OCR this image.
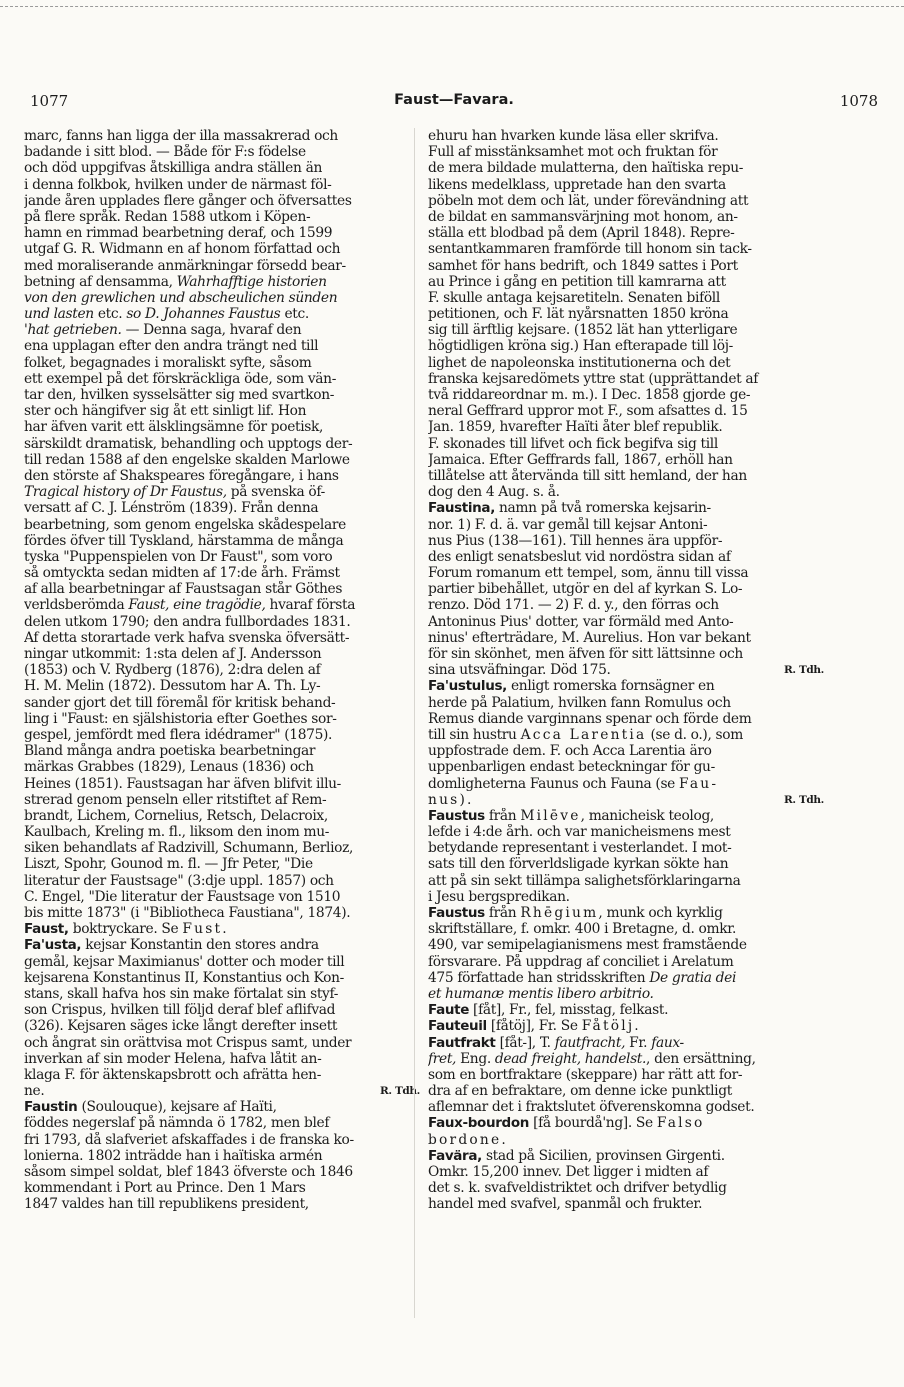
1077	Faust—Favara.	1078
marc, fanns han ligga der illa massakrerad och
badande i sitt blod. — Både för F:s födelse
och död uppgifvas åtskilliga andra ställen än
i denna folkbok, hvilken under de närmast föl-
jande åren upplades flere gånger och öfversattes
på flere språk. Redan 1588 utkom i Köpen-
hamn en rimmad bearbetning deraf, och 1599
utgaf G. R. Widmann en af honom författad och
med moraliserande anmärkningar försedd bear-
betning af densamma, Wahrhafftige historien
von den grewlichen und abscheulichen sünden
und lasten etc. so D. Johannes Faustus etc.
'hat getrieben. — Denna saga, hvaraf den
ena upplagan efter den andra trängt ned till
folket, begagnades i moraliskt syfte, såsom
ett exempel på det förskräckliga öde, som vän-
tar den, hvilken sysselsätter sig med svartkon-
ster och hängifver sig åt ett sinligt lif. Hon
har äfven varit ett älsklingsämne för poetisk,
särskildt dramatisk, behandling och upptogs der-
till redan 1588 af den engelske skalden Marlowe
den störste af Shakspeares föregångare, i hans
Tragical history of Dr Faustus, på svenska öf-
versatt af C. J. Lénström (1839). Från denna
bearbetning, som genom engelska skådespelare
fördes öfver till Tyskland, härstamma de många
tyska "Puppenspielen von Dr Faust", som voro
så omtyckta sedan midten af 17:de årh. Främst
af alla bearbetningar af Faustsagan står Göthes
verldsberömda Faust, eine tragödie, hvaraf första
delen utkom 1790; den andra fullbordades 1831.
Af detta storartade verk hafva svenska öfversätt-
ningar utkommit: 1:sta delen af J. Andersson
(1853) och V. Rydberg (1876), 2:dra delen af
H. M. Melin (1872). Dessutom har A. Th. Ly-
sander gjort det till föremål för kritisk behand-
ling i "Faust: en själshistoria efter Goethes sor-
gespel, jemfördt med flera idédramer" (1875).
Bland många andra poetiska bearbetningar
märkas Grabbes (1829), Lenaus (1836) och
Heines (1851). Faustsagan har äfven blifvit illu-
strerad genom penseln eller ritstiftet af Rem-
brandt, Lichem, Cornelius, Retsch, Delacroix,
Kaulbach, Kreling m. fl., liksom den inom mu-
siken behandlats af Radzivill, Schumann, Berlioz,
Liszt, Spohr, Gounod m. fl. — Jfr Peter, "Die
literatur der Faustsage" (3:dje uppl. 1857) och
C. Engel, "Die literatur der Faustsage von 1510
bis mitte 1873" (i "Bibliotheca Faustiana", 1874).
Faust, boktryckare. Se Fust.
Fa'usta, kejsar Konstantin den stores andra
gemål, kejsar Maximianus' dotter och moder till
kejsarena Konstantinus II, Konstantius och Kon-
stans, skall hafva hos sin make förtalat sin styf-
son Crispus, hvilken till följd deraf blef aflifvad
(326). Kejsaren säges icke långt derefter insett
och ångrat sin orättvisa mot Crispus samt, under
inverkan af sin moder Helena, hafva låtit an-
klaga F. för äktenskapsbrott och afrätta hen-
ne.	R. Tdh.
Faustin (Soulouque), kejsare af Haïti,
föddes negerslaf på nämnda ö 1782, men blef
fri 1793, då slafveriet afskaffades i de franska ko-
lonierna. 1802 inträdde han i haïtiska armén
såsom simpel soldat, blef 1843 öfverste och 1846
kommendant i Port au Prince. Den 1 Mars
1847 valdes han till republikens president,
ehuru han hvarken kunde läsa eller skrifva.
Full af misstänksamhet mot och fruktan för
de mera bildade mulatterna, den haïtiska repu-
likens medelklass, uppretade han den svarta
pöbeln mot dem och lät, under förevändning att
de bildat en sammansvärjning mot honom, an-
ställa ett blodbad på dem (April 1848). Repre-
sentantkammaren framförde till honom sin tack-
samhet för hans bedrift, och 1849 sattes i Port
au Prince i gång en petition till kamrarna att
F. skulle antaga kejsaretiteln. Senaten biföll
petitionen, och F. lät nyårsnatten 1850 kröna
sig till ärftlig kejsare. (1852 lät han ytterligare
högtidligen kröna sig.) Han efterapade till löj-
lighet de napoleonska institutionerna och det
franska kejsaredömets yttre stat (upprättandet af
två riddareordnar m. m.). I Dec. 1858 gjorde ge-
neral Geffrard uppror mot F., som afsattes d. 15
Jan. 1859, hvarefter Haïti åter blef republik.
F. skonades till lifvet och fick begifva sig till
Jamaica. Efter Geffrards fall, 1867, erhöll han
tillåtelse att återvända till sitt hemland, der han
dog den 4 Aug. s. å.
Faustina, namn på två romerska kejsarin-
nor. 1) F. d. ä. var gemål till kejsar Antoni-
nus Pius (138—161). Till hennes ära uppför-
des enligt senatsbeslut vid nordöstra sidan af
Forum romanum ett tempel, som, ännu till vissa
partier bibehållet, utgör en del af kyrkan S. Lo-
renzo. Död 171. — 2) F. d. y., den förras och
Antoninus Pius' dotter, var förmäld med Anto-
ninus' efterträdare, M. Aurelius. Hon var bekant
för sin skönhet, men äfven för sitt lättsinne och
sina utsväfningar. Död 175.	R. Tdh.
Fa'ustulus, enligt romerska fornsägner en
herde på Palatium, hvilken fann Romulus och
Remus diande varginnans spenar och förde dem
till sin hustru Acca Larentia (se d. o.), som
uppfostrade dem. F. och Acca Larentia äro
uppenbarligen endast beteckningar för gu-
domligheterna Faunus och Fauna (se Fau-
nus).	R. Tdh.
Faustus från Milēve, manicheisk teolog,
lefde i 4:de årh. och var manicheismens mest
betydande representant i vesterlandet. I mot-
sats till den förverldsligade kyrkan sökte han
att på sin sekt tillämpa salighetsförklaringarna
i Jesu bergspredikan.
Faustus från Rhēgium, munk och kyrklig
skriftställare, f. omkr. 400 i Bretagne, d. omkr.
490, var semipelagianismens mest framstående
försvarare. På uppdrag af conciliet i Arelatum
475 författade han stridsskriften De gratia dei
et humanæ mentis libero arbitrio.
Faute [fåt], Fr., fel, misstag, felkast.
Fauteuil [fåtöj], Fr. Se Fåtölj.
Fautfrakt [fåt-], T. fautfracht, Fr. faux-
fret, Eng. dead freight, handelst., den ersättning,
som en bortfraktare (skeppare) har rätt att for-
dra af en befraktare, om denne icke punktligt
aflemnar det i fraktslutet öfverenskomna godset.
Faux-bourdon [få bourdå'ng]. Se Falso
bordone.
Favära, stad på Sicilien, provinsen Girgenti.
Omkr. 15,200 innev. Det ligger i midten af
det s. k. svafveldistriktet och drifver betydlig
handel med svafvel, spanmål och frukter.
